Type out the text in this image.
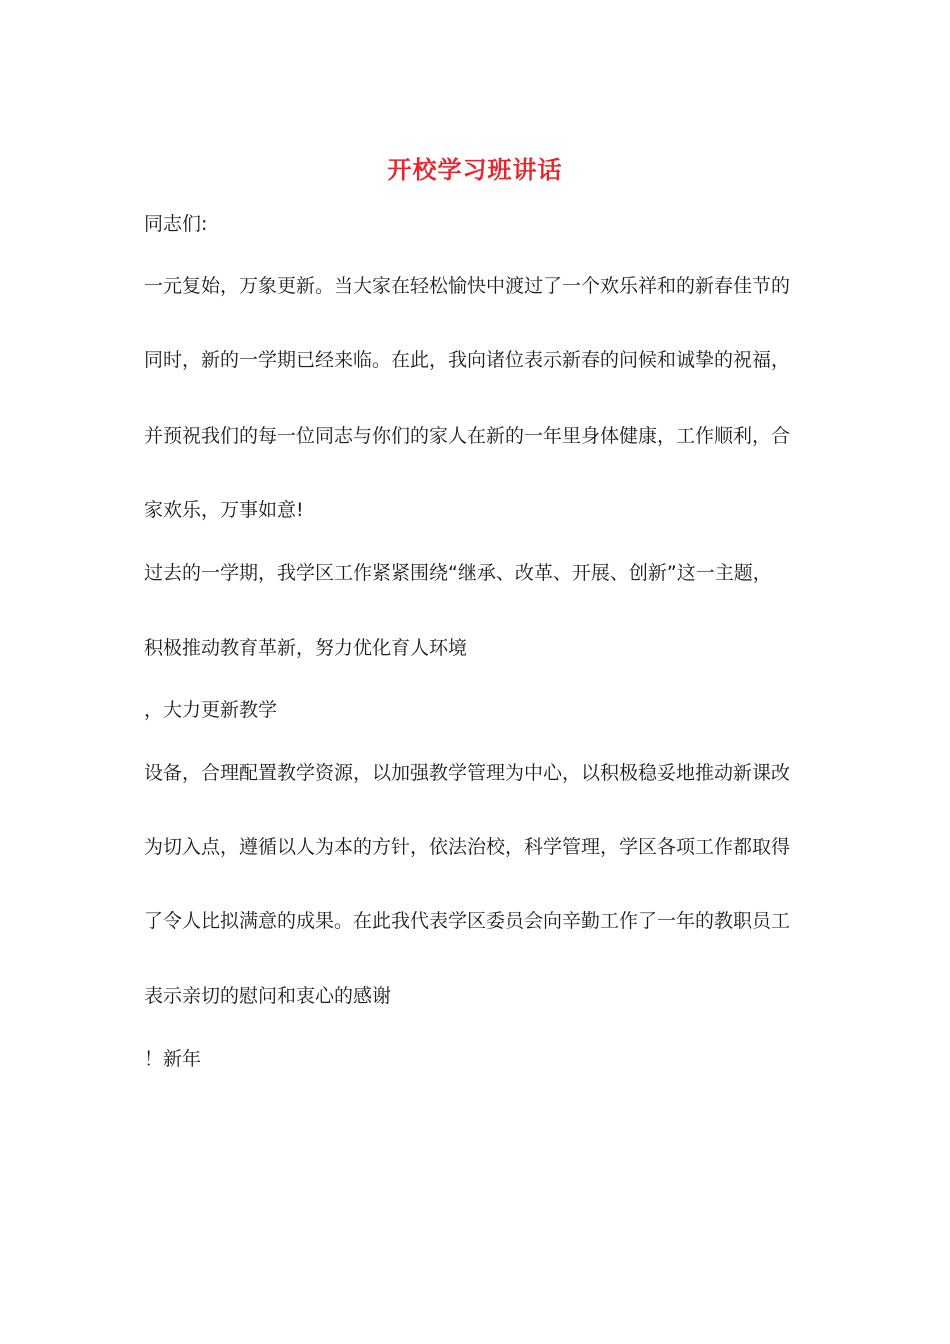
开校学习班讲话
同志们:
一元复始，万象更新。当大家在轻松愉快中渡过了一个欢乐祥和的新春佳节的
同时，新的一学期已经来临。在此，我向诸位表示新春的问候和诚挚的祝福，
并预祝我们的每一位同志与你们的家人在新的一年里身体健康，工作顺利，合
家欢乐，万事如意!
过去的一学期，我学区工作紧紧围绕“继承、改革、开展、创新”这一主题，
积极推动教育革新，努力优化育人环境
，大力更新教学
设备，合理配置教学资源，以加强教学管理为中心，以积极稳妥地推动新课改
为切入点，遵循以人为本的方针，依法治校，科学管理，学区各项工作都取得
了令人比拟满意的成果。在此我代表学区委员会向辛勤工作了一年的教职员工
表示亲切的慰问和衷心的感谢
！新年
